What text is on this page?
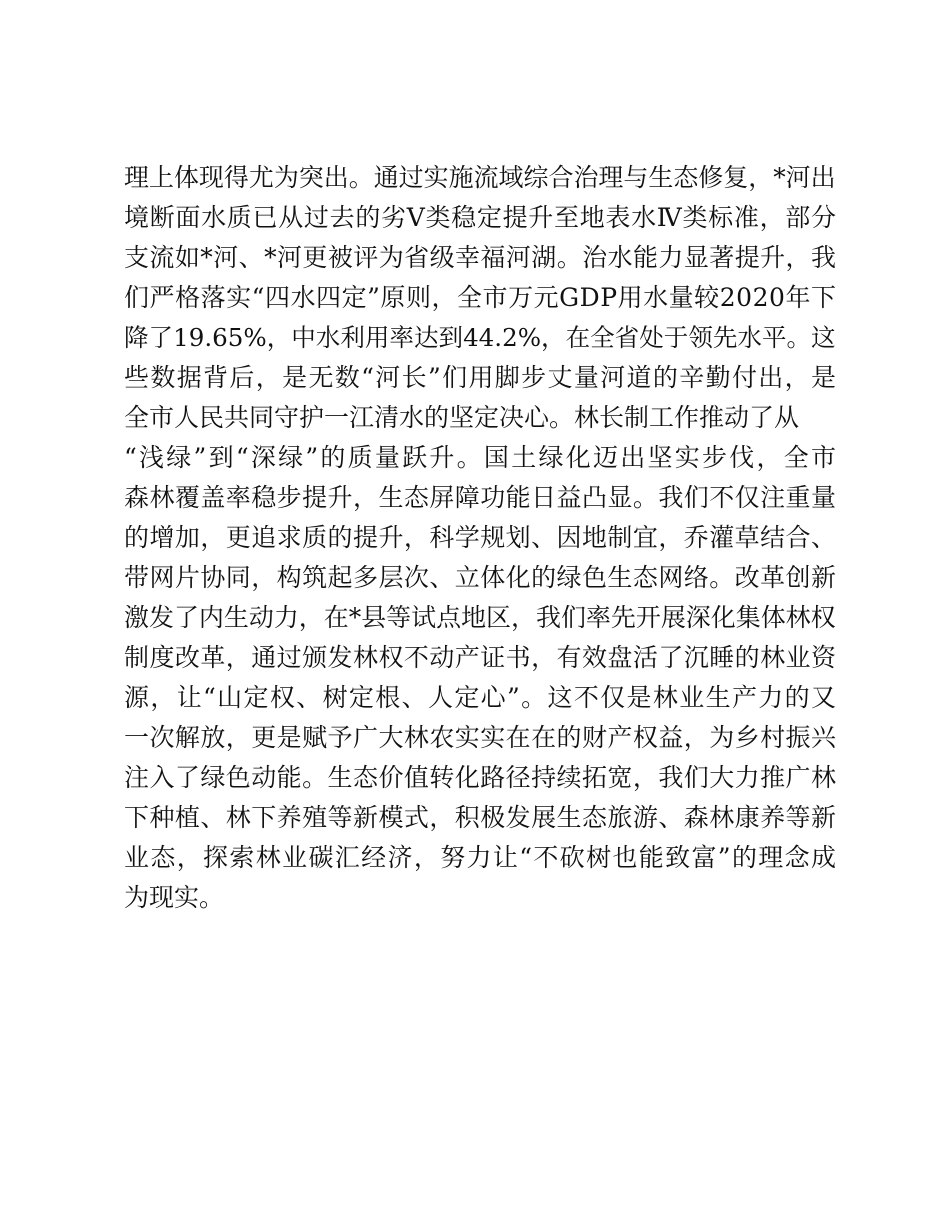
理上体现得尤为突出。通过实施流域综合治理与生态修复，*河出
境断面水质已从过去的劣Ⅴ类稳定提升至地表水Ⅳ类标准，部分
支流如*河、*河更被评为省级幸福河湖。治水能力显著提升，我
们严格落实“四水四定”原则，全市万元GDP用水量较2020年下
降了19.65%，中水利用率达到44.2%，在全省处于领先水平。这
些数据背后，是无数“河长”们用脚步丈量河道的辛勤付出，是
全市人民共同守护一江清水的坚定决心。林长制工作推动了从
“浅绿”到“深绿”的质量跃升。国土绿化迈出坚实步伐，全市
森林覆盖率稳步提升，生态屏障功能日益凸显。我们不仅注重量
的增加，更追求质的提升，科学规划、因地制宜，乔灌草结合、
带网片协同，构筑起多层次、立体化的绿色生态网络。改革创新
激发了内生动力，在*县等试点地区，我们率先开展深化集体林权
制度改革，通过颁发林权不动产证书，有效盘活了沉睡的林业资
源，让“山定权、树定根、人定心”。这不仅是林业生产力的又
一次解放，更是赋予广大林农实实在在的财产权益，为乡村振兴
注入了绿色动能。生态价值转化路径持续拓宽，我们大力推广林
下种植、林下养殖等新模式，积极发展生态旅游、森林康养等新
业态，探索林业碳汇经济，努力让“不砍树也能致富”的理念成
为现实。
